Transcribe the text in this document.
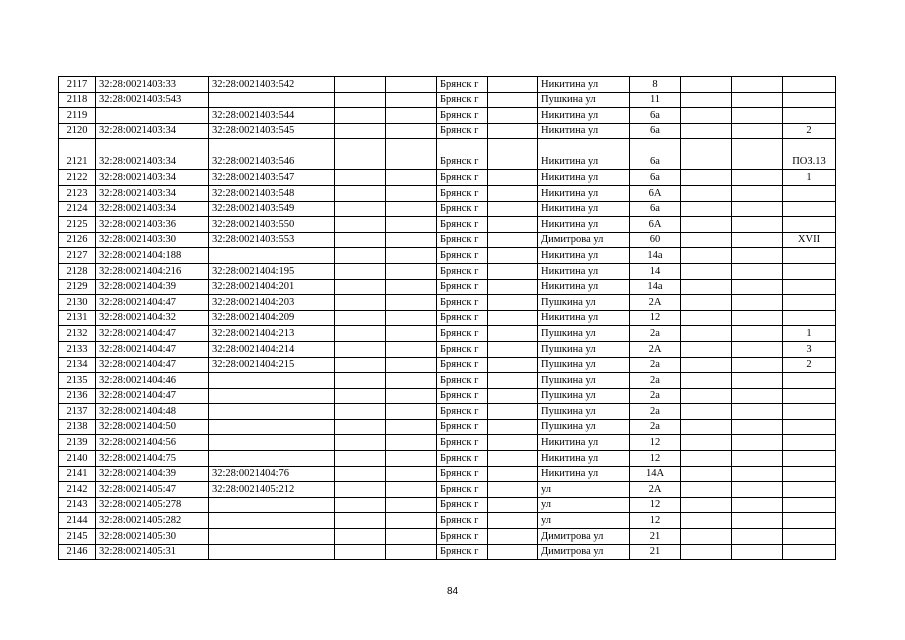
2117	32:28:0021403:33	32:28:0021403:542			Брянск г		Никитина ул	8			
2118	32:28:0021403:543				Брянск г		Пушкина ул	11			
2119		32:28:0021403:544			Брянск г		Никитина ул	6а			
2120	32:28:0021403:34	32:28:0021403:545			Брянск г		Никитина ул	6а			2
2121	32:28:0021403:34	32:28:0021403:546			Брянск г		Никитина ул	6а			ПОЗ.13
2122	32:28:0021403:34	32:28:0021403:547			Брянск г		Никитина ул	6а			1
2123	32:28:0021403:34	32:28:0021403:548			Брянск г		Никитина ул	6А			
2124	32:28:0021403:34	32:28:0021403:549			Брянск г		Никитина ул	6а			
2125	32:28:0021403:36	32:28:0021403:550			Брянск г		Никитина ул	6А			
2126	32:28:0021403:30	32:28:0021403:553			Брянск г		Димитрова ул	60			XVII
2127	32:28:0021404:188				Брянск г		Никитина ул	14а			
2128	32:28:0021404:216	32:28:0021404:195			Брянск г		Никитина ул	14			
2129	32:28:0021404:39	32:28:0021404:201			Брянск г		Никитина ул	14а			
2130	32:28:0021404:47	32:28:0021404:203			Брянск г		Пушкина ул	2А			
2131	32:28:0021404:32	32:28:0021404:209			Брянск г		Никитина ул	12			
2132	32:28:0021404:47	32:28:0021404:213			Брянск г		Пушкина ул	2а			1
2133	32:28:0021404:47	32:28:0021404:214			Брянск г		Пушкина ул	2А			3
2134	32:28:0021404:47	32:28:0021404:215			Брянск г		Пушкина ул	2а			2
2135	32:28:0021404:46				Брянск г		Пушкина ул	2а			
2136	32:28:0021404:47				Брянск г		Пушкина ул	2а			
2137	32:28:0021404:48				Брянск г		Пушкина ул	2а			
2138	32:28:0021404:50				Брянск г		Пушкина ул	2а			
2139	32:28:0021404:56				Брянск г		Никитина ул	12			
2140	32:28:0021404:75				Брянск г		Никитина ул	12			
2141	32:28:0021404:39	32:28:0021404:76			Брянск г		Никитина ул	14А			
2142	32:28:0021405:47	32:28:0021405:212			Брянск г		ул	2А			
2143	32:28:0021405:278				Брянск г		ул	12			
2144	32:28:0021405:282				Брянск г		ул	12			
2145	32:28:0021405:30				Брянск г		Димитрова ул	21			
2146	32:28:0021405:31				Брянск г		Димитрова ул	21			
84
